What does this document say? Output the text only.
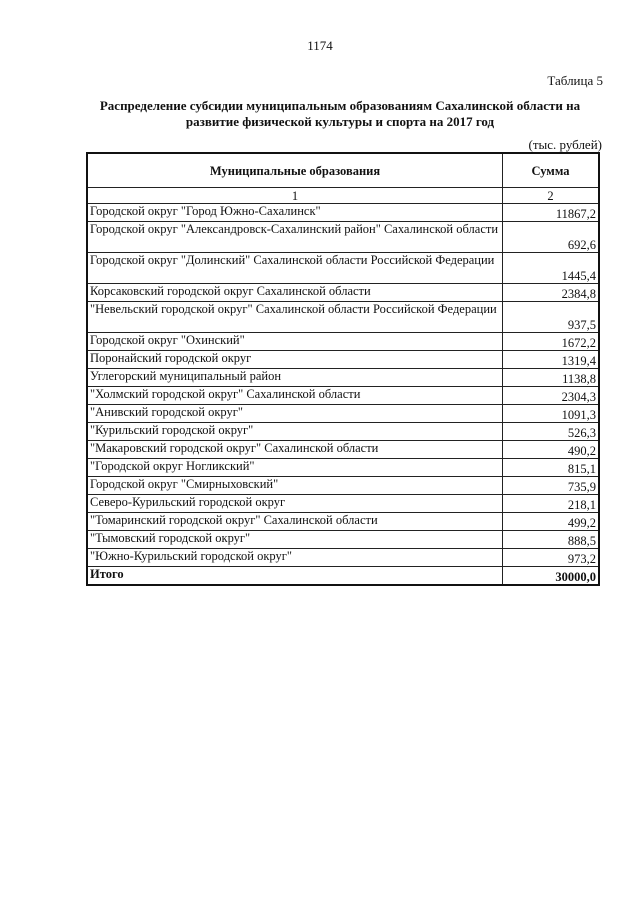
1174
Таблица 5
Распределение субсидии муниципальным образованиям Сахалинской области на
развитие физической культуры и спорта на 2017 год
(тыс. рублей)
Муниципальные образования	Сумма
1	2
Городской округ "Город Южно-Сахалинск"	11867,2
Городской округ "Александровск-Сахалинский район" Сахалинской области	692,6
Городской округ "Долинский" Сахалинской области Российской Федерации	1445,4
Корсаковский городской округ Сахалинской области	2384,8
"Невельский городской округ" Сахалинской области Российской Федерации	937,5
Городской округ "Охинский"	1672,2
Поронайский городской округ	1319,4
Углегорский муниципальный район	1138,8
"Холмский городской округ" Сахалинской области	2304,3
"Анивский городской округ"	1091,3
"Курильский городской округ"	526,3
"Макаровский городской округ" Сахалинской области	490,2
"Городской округ Ногликский"	815,1
Городской округ "Смирныховский"	735,9
Северо-Курильский городской округ	218,1
"Томаринский городской округ" Сахалинской области	499,2
"Тымовский городской округ"	888,5
"Южно-Курильский городской округ"	973,2
Итого	30000,0
